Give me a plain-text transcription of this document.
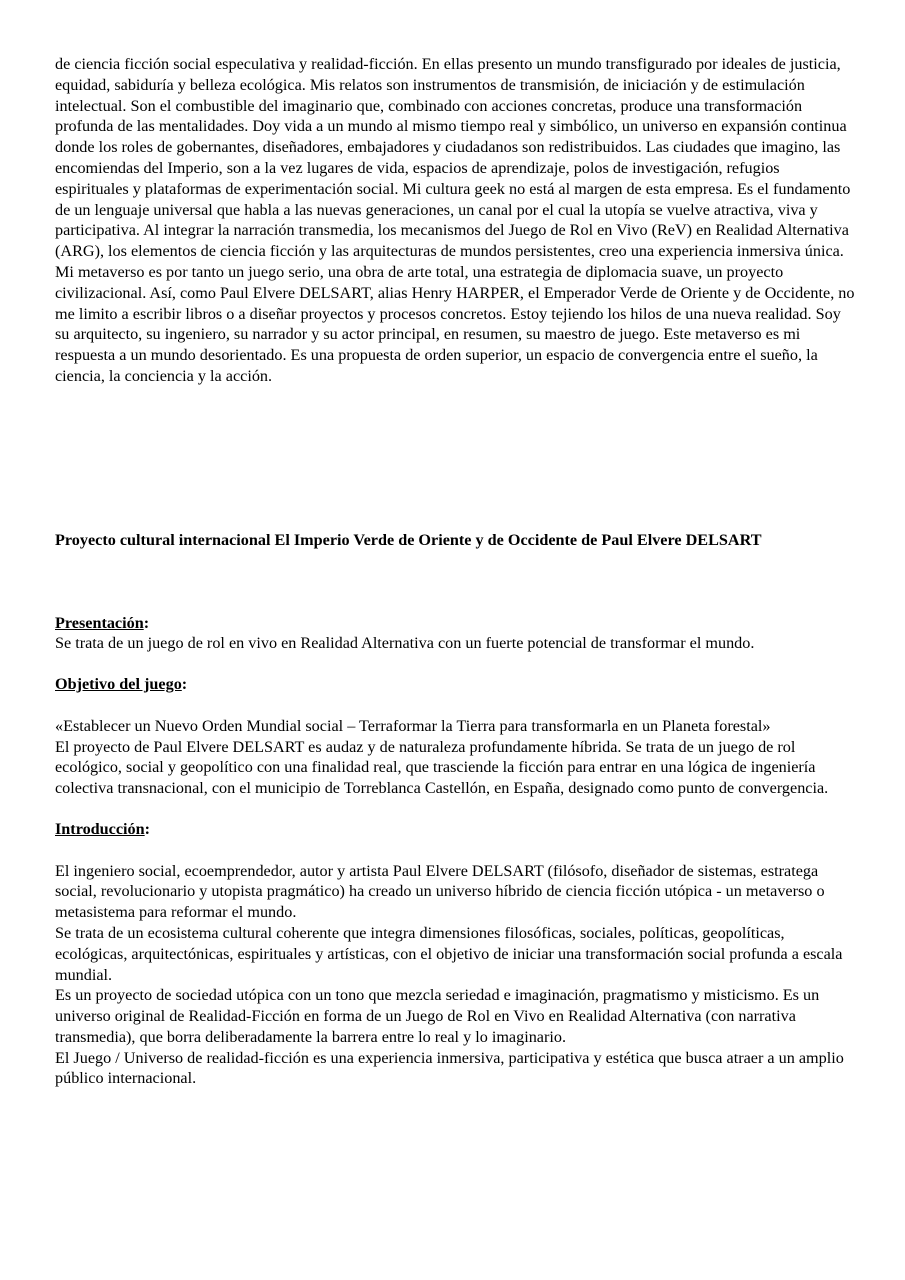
de ciencia ficción social especulativa y realidad-ficción. En ellas presento un mundo transfigurado por ideales de justicia, equidad, sabiduría y belleza ecológica. Mis relatos son instrumentos de transmisión, de iniciación y de estimulación intelectual. Son el combustible del imaginario que, combinado con acciones concretas, produce una transformación profunda de las mentalidades. Doy vida a un mundo al mismo tiempo real y simbólico, un universo en expansión continua donde los roles de gobernantes, diseñadores, embajadores y ciudadanos son redistribuidos. Las ciudades que imagino, las encomiendas del Imperio, son a la vez lugares de vida, espacios de aprendizaje, polos de investigación, refugios espirituales y plataformas de experimentación social. Mi cultura geek no está al margen de esta empresa. Es el fundamento de un lenguaje universal que habla a las nuevas generaciones, un canal por el cual la utopía se vuelve atractiva, viva y participativa. Al integrar la narración transmedia, los mecanismos del Juego de Rol en Vivo (ReV) en Realidad Alternativa (ARG), los elementos de ciencia ficción y las arquitecturas de mundos persistentes, creo una experiencia inmersiva única. Mi metaverso es por tanto un juego serio, una obra de arte total, una estrategia de diplomacia suave, un proyecto civilizacional. Así, como Paul Elvere DELSART, alias Henry HARPER, el Emperador Verde de Oriente y de Occidente, no me limito a escribir libros o a diseñar proyectos y procesos concretos. Estoy tejiendo los hilos de una nueva realidad. Soy su arquitecto, su ingeniero, su narrador y su actor principal, en resumen, su maestro de juego. Este metaverso es mi respuesta a un mundo desorientado. Es una propuesta de orden superior, un espacio de convergencia entre el sueño, la ciencia, la conciencia y la acción.

Proyecto cultural internacional El Imperio Verde de Oriente y de Occidente de Paul Elvere DELSART

Presentación:

Se trata de un juego de rol en vivo en Realidad Alternativa con un fuerte potencial de transformar el mundo.

Objetivo del juego:

«Establecer un Nuevo Orden Mundial social – Terraformar la Tierra para transformarla en un Planeta forestal»

El proyecto de Paul Elvere DELSART es audaz y de naturaleza profundamente híbrida. Se trata de un juego de rol ecológico, social y geopolítico con una finalidad real, que trasciende la ficción para entrar en una lógica de ingeniería colectiva transnacional, con el municipio de Torreblanca Castellón, en España, designado como punto de convergencia.

Introducción:

El ingeniero social, ecoemprendedor, autor y artista Paul Elvere DELSART (filósofo, diseñador de sistemas, estratega social, revolucionario y utopista pragmático) ha creado un universo híbrido de ciencia ficción utópica - un metaverso o metasistema para reformar el mundo.

Se trata de un ecosistema cultural coherente que integra dimensiones filosóficas, sociales, políticas, geopolíticas, ecológicas, arquitectónicas, espirituales y artísticas, con el objetivo de iniciar una transformación social profunda a escala mundial.

Es un proyecto de sociedad utópica con un tono que mezcla seriedad e imaginación, pragmatismo y misticismo. Es un universo original de Realidad-Ficción en forma de un Juego de Rol en Vivo en Realidad Alternativa (con narrativa transmedia), que borra deliberadamente la barrera entre lo real y lo imaginario.

El Juego / Universo de realidad-ficción es una experiencia inmersiva, participativa y estética que busca atraer a un amplio público internacional.
